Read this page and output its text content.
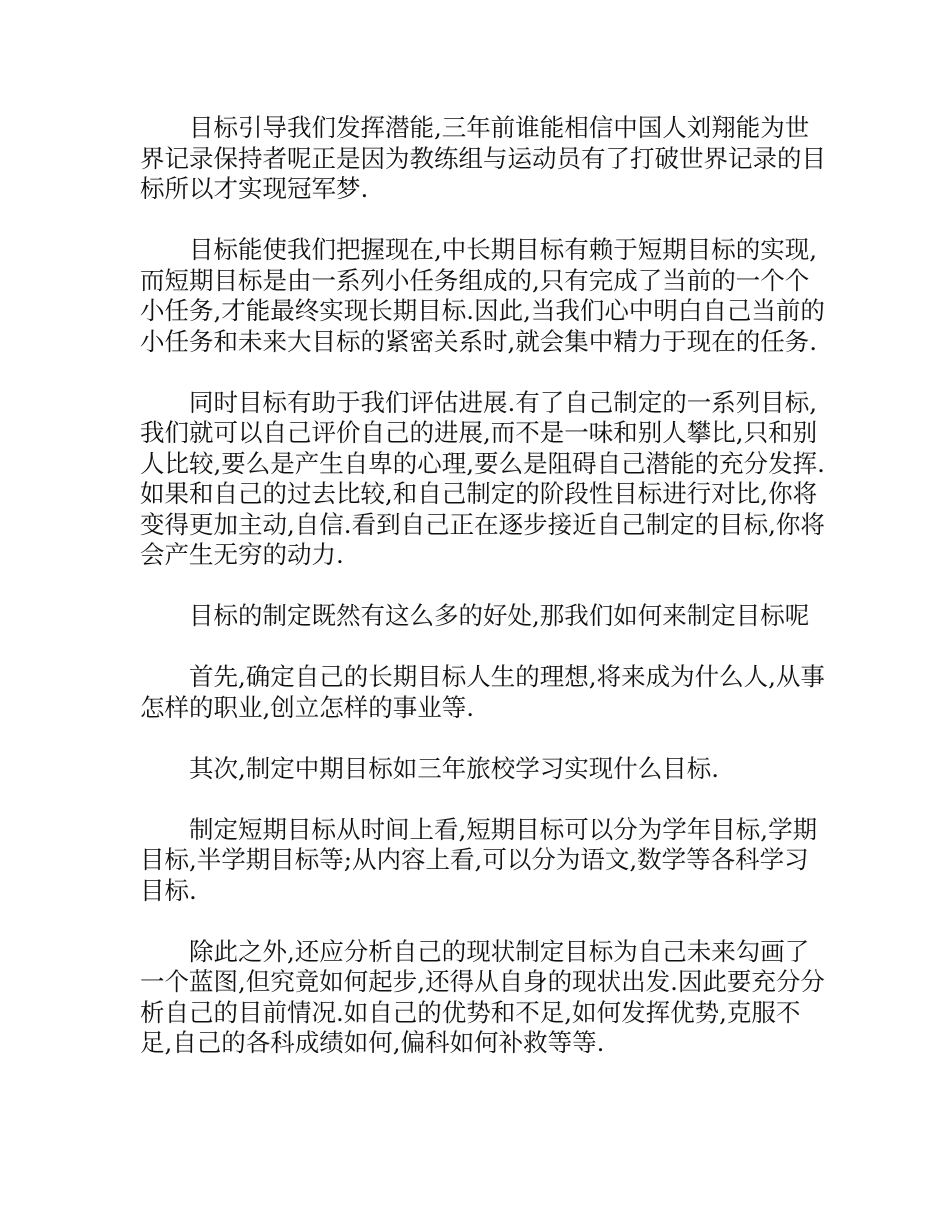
目标引导我们发挥潜能,三年前谁能相信中国人刘翔能为世界记录保持者呢正是因为教练组与运动员有了打破世界记录的目标所以才实现冠军梦.

目标能使我们把握现在,中长期目标有赖于短期目标的实现,而短期目标是由一系列小任务组成的,只有完成了当前的一个个小任务,才能最终实现长期目标.因此,当我们心中明白自己当前的小任务和未来大目标的紧密关系时,就会集中精力于现在的任务.

同时目标有助于我们评估进展.有了自己制定的一系列目标,我们就可以自己评价自己的进展,而不是一味和别人攀比,只和别人比较,要么是产生自卑的心理,要么是阻碍自己潜能的充分发挥.如果和自己的过去比较,和自己制定的阶段性目标进行对比,你将变得更加主动,自信.看到自己正在逐步接近自己制定的目标,你将会产生无穷的动力.

目标的制定既然有这么多的好处,那我们如何来制定目标呢

首先,确定自己的长期目标人生的理想,将来成为什么人,从事怎样的职业,创立怎样的事业等.

其次,制定中期目标如三年旅校学习实现什么目标.

制定短期目标从时间上看,短期目标可以分为学年目标,学期目标,半学期目标等;从内容上看,可以分为语文,数学等各科学习目标.

除此之外,还应分析自己的现状制定目标为自己未来勾画了一个蓝图,但究竟如何起步,还得从自身的现状出发.因此要充分分析自己的目前情况.如自己的优势和不足,如何发挥优势,克服不足,自己的各科成绩如何,偏科如何补救等等.
